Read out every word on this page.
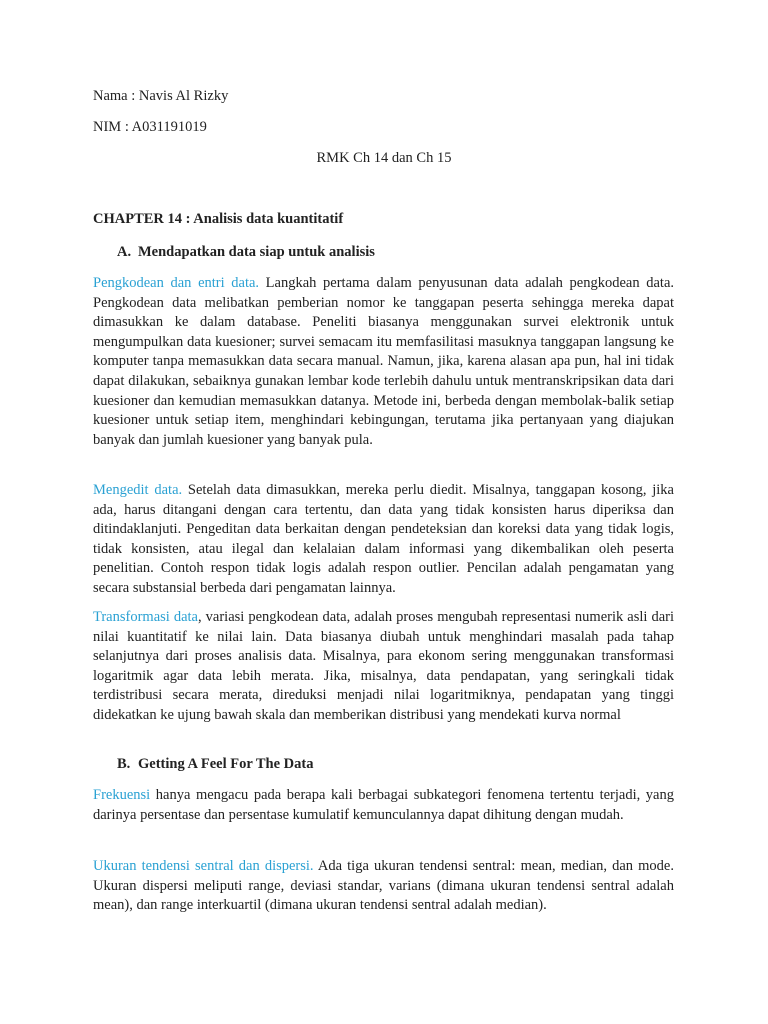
Nama : Navis Al Rizky
NIM : A031191019
RMK Ch 14 dan Ch 15
CHAPTER 14 : Analisis data kuantitatif
A. Mendapatkan data siap untuk analisis
Pengkodean dan entri data. Langkah pertama dalam penyusunan data adalah pengkodean data. Pengkodean data melibatkan pemberian nomor ke tanggapan peserta sehingga mereka dapat dimasukkan ke dalam database. Peneliti biasanya menggunakan survei elektronik untuk mengumpulkan data kuesioner; survei semacam itu memfasilitasi masuknya tanggapan langsung ke komputer tanpa memasukkan data secara manual. Namun, jika, karena alasan apa pun, hal ini tidak dapat dilakukan, sebaiknya gunakan lembar kode terlebih dahulu untuk mentranskripsikan data dari kuesioner dan kemudian memasukkan datanya. Metode ini, berbeda dengan membolak-balik setiap kuesioner untuk setiap item, menghindari kebingungan, terutama jika pertanyaan yang diajukan banyak dan jumlah kuesioner yang banyak pula.
Mengedit data. Setelah data dimasukkan, mereka perlu diedit. Misalnya, tanggapan kosong, jika ada, harus ditangani dengan cara tertentu, dan data yang tidak konsisten harus diperiksa dan ditindaklanjuti. Pengeditan data berkaitan dengan pendeteksian dan koreksi data yang tidak logis, tidak konsisten, atau ilegal dan kelalaian dalam informasi yang dikembalikan oleh peserta penelitian. Contoh respon tidak logis adalah respon outlier. Pencilan adalah pengamatan yang secara substansial berbeda dari pengamatan lainnya.
Transformasi data, variasi pengkodean data, adalah proses mengubah representasi numerik asli dari nilai kuantitatif ke nilai lain. Data biasanya diubah untuk menghindari masalah pada tahap selanjutnya dari proses analisis data. Misalnya, para ekonom sering menggunakan transformasi logaritmik agar data lebih merata. Jika, misalnya, data pendapatan, yang seringkali tidak terdistribusi secara merata, direduksi menjadi nilai logaritmiknya, pendapatan yang tinggi didekatkan ke ujung bawah skala dan memberikan distribusi yang mendekati kurva normal
B. Getting A Feel For The Data
Frekuensi hanya mengacu pada berapa kali berbagai subkategori fenomena tertentu terjadi, yang darinya persentase dan persentase kumulatif kemunculannya dapat dihitung dengan mudah.
Ukuran tendensi sentral dan dispersi. Ada tiga ukuran tendensi sentral: mean, median, dan mode. Ukuran dispersi meliputi range, deviasi standar, varians (dimana ukuran tendensi sentral adalah mean), dan range interkuartil (dimana ukuran tendensi sentral adalah median).
